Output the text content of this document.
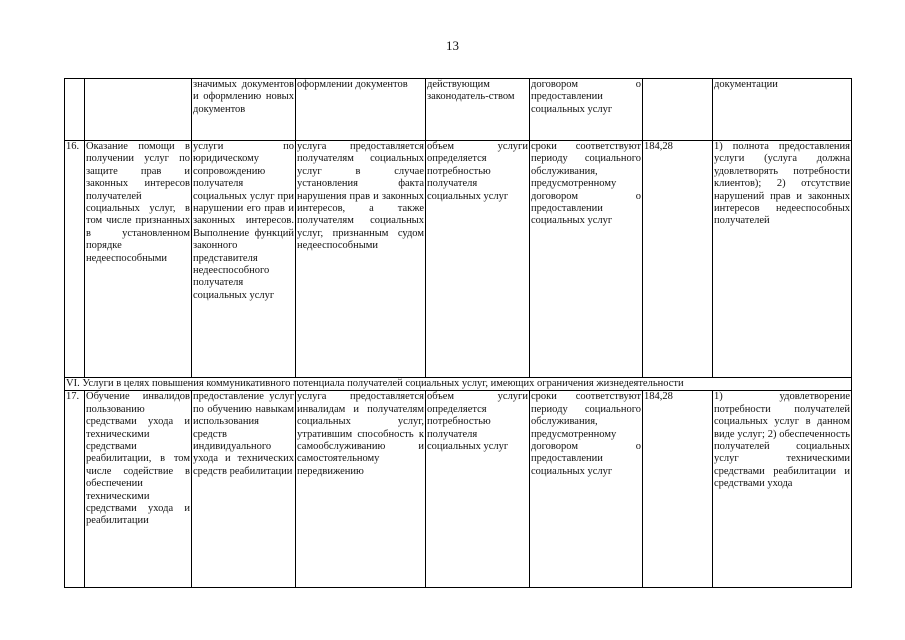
13
		значимых документов и оформлению новых документов	оформлении документов	действующим законодатель-ством	договором о предоставлении социальных услуг		документации
16.	Оказание помощи в получении услуг по защите прав и законных интересов получателей социальных услуг, в том числе признанных в установленном порядке недееспособными	услуги по юридическому сопровождению получателя социальных услуг при нарушении его прав и законных интересов. Выполнение функций законного представителя недееспособного получателя социальных услуг	услуга предоставляется получателям социальных услуг в случае установления факта нарушения прав и законных интересов, а также получателям социальных услуг, признанным судом недееспособными	объем услуги определяется потребностью получателя социальных услуг	сроки соответствуют периоду социального обслуживания, предусмотренному договором о предоставлении социальных услуг	184,28	1) полнота предоставления услуги (услуга должна удовлетворять потребности клиентов); 2) отсутствие нарушений прав и законных интересов недееспособных получателей
VI. Услуги в целях повышения коммуникативного потенциала получателей социальных услуг, имеющих ограничения жизнедеятельности							
17.	Обучение инвалидов пользованию средствами ухода и техническими средствами реабилитации, в том числе содействие в обеспечении техническими средствами ухода и реабилитации	предоставление услуг по обучению навыкам использования средств индивидуального ухода и технических средств реабилитации	услуга предоставляется инвалидам и получателям социальных услуг, утратившим способность к самообслуживанию и самостоятельному передвижению	объем услуги определяется потребностью получателя социальных услуг	сроки соответствуют периоду социального обслуживания, предусмотренному договором о предоставлении социальных услуг	184,28	1) удовлетворение потребности получателей социальных услуг в данном виде услуг; 2) обеспеченность получателей социальных услуг техническими средствами реабилитации и средствами ухода
